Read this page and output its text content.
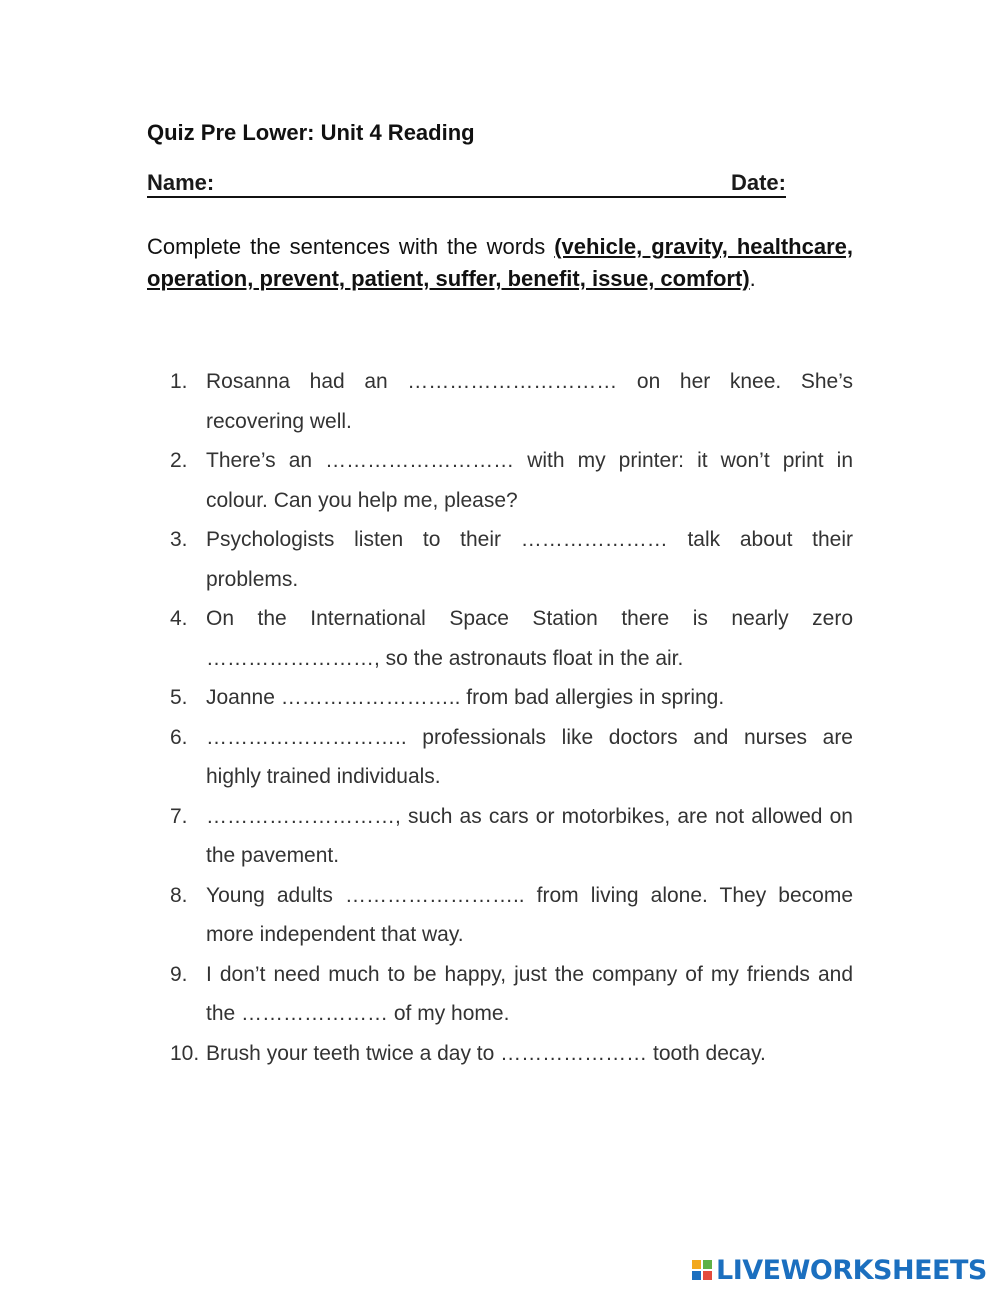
Quiz Pre Lower: Unit 4 Reading
Name:	Date:
Complete the sentences with the words (vehicle, gravity, healthcare, operation, prevent, patient, suffer, benefit, issue, comfort).
1. Rosanna had an ………………………… on her knee. She’s recovering well.
2. There’s an ……………………… with my printer: it won’t print in colour. Can you help me, please?
3. Psychologists listen to their ………………… talk about their problems.
4. On the International Space Station there is nearly zero ……………………, so the astronauts float in the air.
5. Joanne …………………….. from bad allergies in spring.
6. ……………………….. professionals like doctors and nurses are highly trained individuals.
7. ………………………, such as cars or motorbikes, are not allowed on the pavement.
8. Young adults …………………….. from living alone. They become more independent that way.
9. I don’t need much to be happy, just the company of my friends and the ………………… of my home.
10. Brush your teeth twice a day to ………………… tooth decay.
LIVEWORKSHEETS
